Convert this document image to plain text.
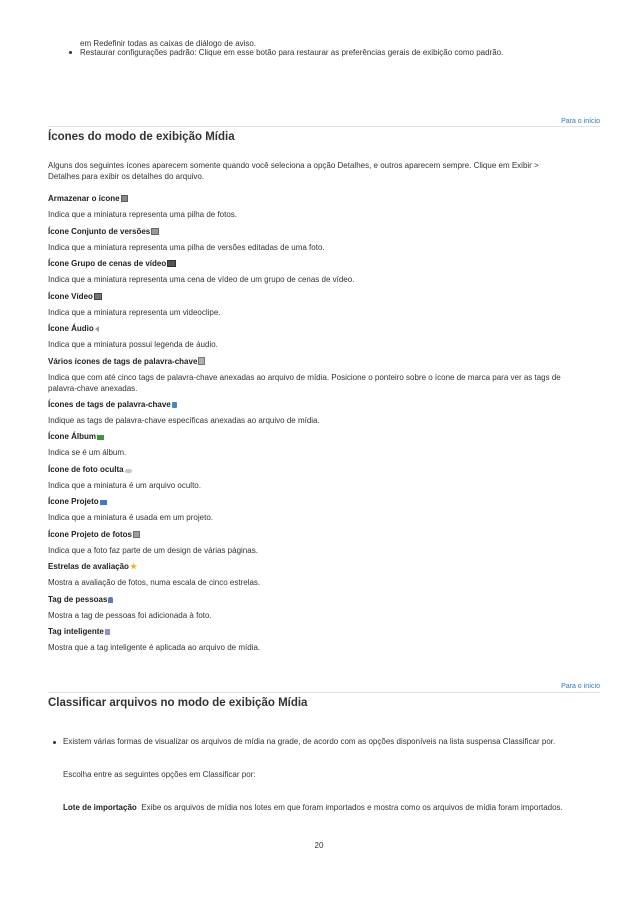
em Redefinir todas as caixas de diálogo de aviso.
Restaurar configurações padrão: Clique em esse botão para restaurar as preferências gerais de exibição como padrão.
Para o início
Ícones do modo de exibição Mídia
Alguns dos seguintes ícones aparecem somente quando você seleciona a opção Detalhes, e outros aparecem sempre. Clique em Exibir >
Detalhes para exibir os detalhes do arquivo.
Armazenar o ícone
Indica que a miniatura representa uma pilha de fotos.
Ícone Conjunto de versões
Indica que a miniatura representa uma pilha de versões editadas de uma foto.
Ícone Grupo de cenas de vídeo
Indica que a miniatura representa uma cena de vídeo de um grupo de cenas de vídeo.
Ícone Vídeo
Indica que a miniatura representa um videoclipe.
Ícone Áudio
Indica que a miniatura possui legenda de áudio.
Vários ícones de tags de palavra-chave
Indica que com até cinco tags de palavra-chave anexadas ao arquivo de mídia. Posicione o ponteiro sobre o ícone de marca para ver as tags de
palavra-chave anexadas.
Ícones de tags de palavra-chave
Indique as tags de palavra-chave específicas anexadas ao arquivo de mídia.
Ícone Álbum
Indica se é um álbum.
Ícone de foto oculta
Indica que a miniatura é um arquivo oculto.
Ícone Projeto
Indica que a miniatura é usada em um projeto.
Ícone Projeto de fotos
Indica que a foto faz parte de um design de várias páginas.
Estrelas de avaliação★
Mostra a avaliação de fotos, numa escala de cinco estrelas.
Tag de pessoas
Mostra a tag de pessoas foi adicionada à foto.
Tag inteligente
Mostra que a tag inteligente é aplicada ao arquivo de mídia.
Para o início
Classificar arquivos no modo de exibição Mídia
Existem várias formas de visualizar os arquivos de mídia na grade, de acordo com as opções disponíveis na lista suspensa Classificar por.
Escolha entre as seguintes opções em Classificar por:
Lote de importação Exibe os arquivos de mídia nos lotes em que foram importados e mostra como os arquivos de mídia foram importados.
20
